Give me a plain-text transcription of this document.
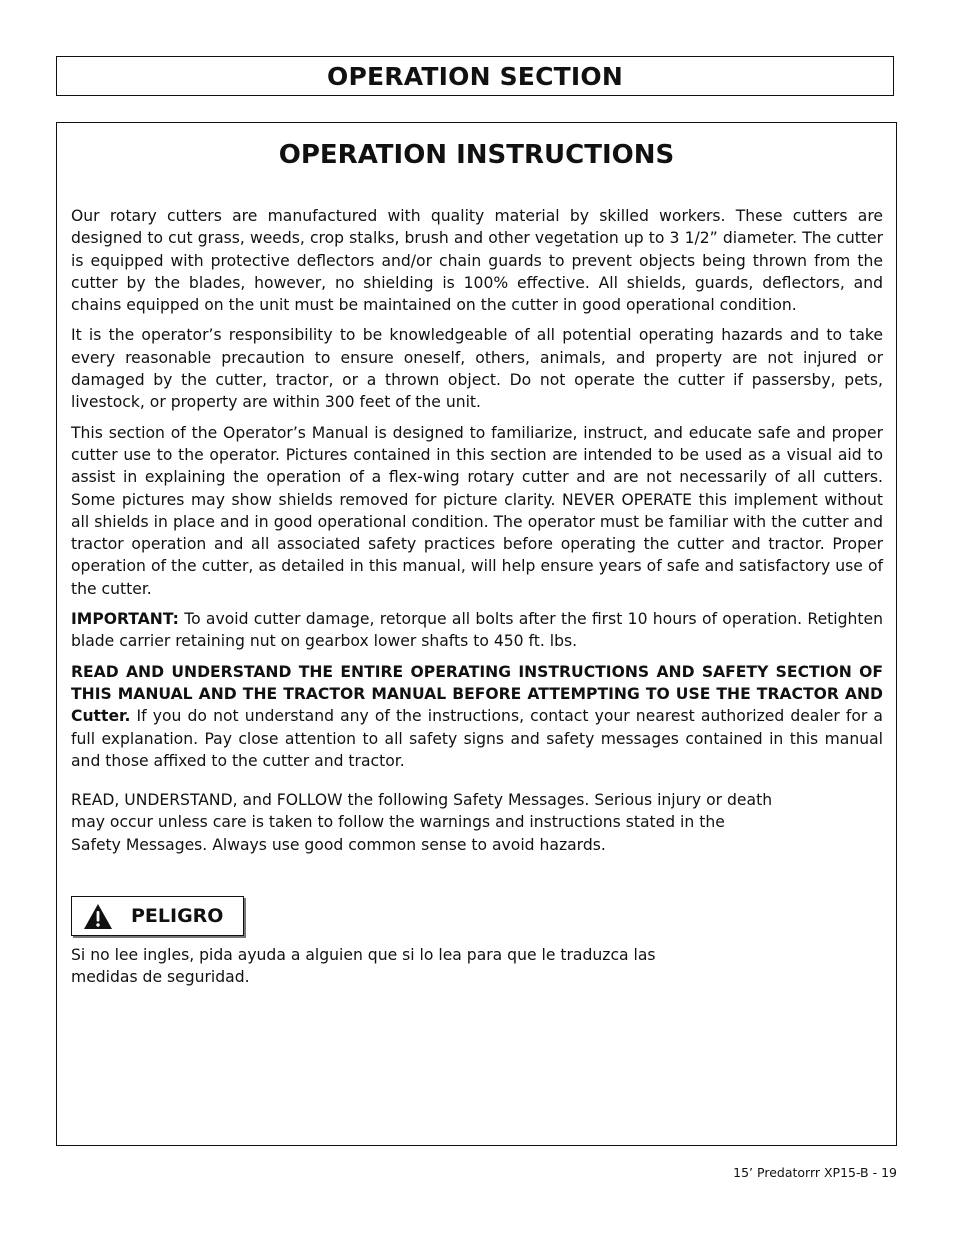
OPERATION SECTION
OPERATION INSTRUCTIONS

Our rotary cutters are manufactured with quality material by skilled workers. These cutters are designed to cut grass, weeds, crop stalks, brush and other vegetation up to 3 1/2” diameter. The cutter is equipped with protective deflectors and/or chain guards to prevent objects being thrown from the cutter by the blades, however, no shielding is 100% effective. All shields, guards, deflectors, and chains equipped on the unit must be maintained on the cutter in good operational condition.

It is the operator’s responsibility to be knowledgeable of all potential operating hazards and to take every reasonable precaution to ensure oneself, others, animals, and property are not injured or damaged by the cutter, tractor, or a thrown object. Do not operate the cutter if passersby, pets, livestock, or property are within 300 feet of the unit.

This section of the Operator’s Manual is designed to familiarize, instruct, and educate safe and proper cutter use to the operator. Pictures contained in this section are intended to be used as a visual aid to assist in explaining the operation of a flex-wing rotary cutter and are not necessarily of all cutters. Some pictures may show shields removed for picture clarity. NEVER OPERATE this implement without all shields in place and in good operational condition. The operator must be familiar with the cutter and tractor operation and all associated safety practices before operating the cutter and tractor. Proper operation of the cutter, as detailed in this manual, will help ensure years of safe and satisfactory use of the cutter.

IMPORTANT: To avoid cutter damage, retorque all bolts after the first 10 hours of operation. Retighten blade carrier retaining nut on gearbox lower shafts to 450 ft. lbs.

READ AND UNDERSTAND THE ENTIRE OPERATING INSTRUCTIONS AND SAFETY SECTION OF THIS MANUAL AND THE TRACTOR MANUAL BEFORE ATTEMPTING TO USE THE TRACTOR AND Cutter. If you do not understand any of the instructions, contact your nearest authorized dealer for a full explanation. Pay close attention to all safety signs and safety messages contained in this manual and those affixed to the cutter and tractor.

READ, UNDERSTAND, and FOLLOW the following Safety Messages. Serious injury or death may occur unless care is taken to follow the warnings and instructions stated in the Safety Messages. Always use good common sense to avoid hazards.

PELIGRO

Si no lee ingles, pida ayuda a alguien que si lo lea para que le traduzca las medidas de seguridad.

15’ Predatorrr XP15-B - 19
